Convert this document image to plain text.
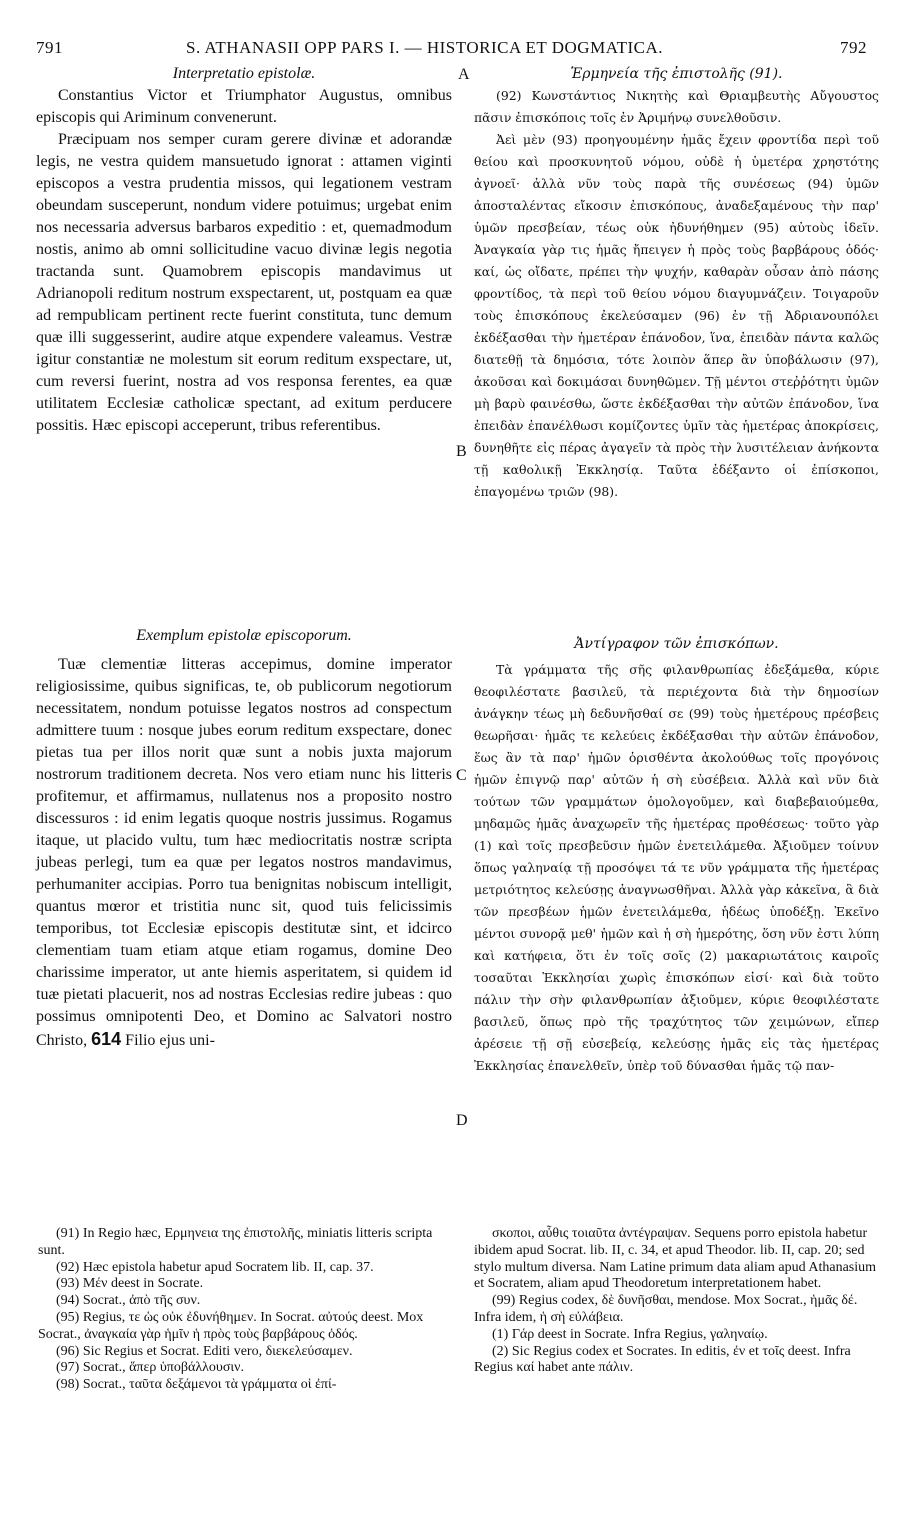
791	S. ATHANASII OPP PARS I. — HISTORICA ET DOGMATICA.	792
A
B
C
D

Interpretatio epistolæ.

Constantius Victor et Triumphator Augustus, omnibus episcopis qui Ariminum convenerunt.

Præcipuam nos semper curam gerere divinæ et adorandæ legis, ne vestra quidem mansuetudo ignorat : attamen viginti episcopos a vestra prudentia missos, qui legationem vestram obeundam susceperunt, nondum videre potuimus; urgebat enim nos necessaria adversus barbaros expeditio : et, quemadmodum nostis, animo ab omni sollicitudine vacuo divinæ legis negotia tractanda sunt. Quamobrem episcopis mandavimus ut Adrianopoli reditum nostrum exspectarent, ut, postquam ea quæ ad rempublicam pertinent recte fuerint constituta, tunc demum quæ illi suggesserint, audire atque expendere valeamus. Vestræ igitur constantiæ ne molestum sit eorum reditum exspectare, ut, cum reversi fuerint, nostra ad vos responsa ferentes, ea quæ utilitatem Ecclesiæ catholicæ spectant, ad exitum perducere possitis. Hæc episcopi acceperunt, tribus referentibus.

Exemplum epistolæ episcoporum.

Tuæ clementiæ litteras accepimus, domine imperator religiosissime, quibus significas, te, ob publicorum negotiorum necessitatem, nondum potuisse legatos nostros ad conspectum admittere tuum : nosque jubes eorum reditum exspectare, donec pietas tua per illos norit quæ sunt a nobis juxta majorum nostrorum traditionem decreta. Nos vero etiam nunc his litteris profitemur, et affirmamus, nullatenus nos a proposito nostro discessuros : id enim legatis quoque nostris jussimus. Rogamus itaque, ut placido vultu, tum hæc mediocritatis nostræ scripta jubeas perlegi, tum ea quæ per legatos nostros mandavimus, perhumaniter accipias. Porro tua benignitas nobiscum intelligit, quantus mœror et tristitia nunc sit, quod tuis felicissimis temporibus, tot Ecclesiæ episcopis destitutæ sint, et idcirco clementiam tuam etiam atque etiam rogamus, domine Deo charissime imperator, ut ante hiemis asperitatem, si quidem id tuæ pietati placuerit, nos ad nostras Ecclesias redire jubeas : quo possimus omnipotenti Deo, et Domino ac Salvatori nostro Christo, 614 Filio ejus uni-

Ἑρμηνεία τῆς ἐπιστολῆς (91).

(92) Κωνστάντιος Νικητὴς καὶ Θριαμβευτὴς Αὔγουστος πᾶσιν ἐπισκόποις τοῖς ἐν Ἀριμήνῳ συνελθοῦσιν.

Ἀεὶ μὲν (93) προηγουμένην ἡμᾶς ἔχειν φροντίδα περὶ τοῦ θείου καὶ προσκυνητοῦ νόμου, οὐδὲ ἡ ὑμετέρα χρηστότης ἀγνοεῖ· ἀλλὰ νῦν τοὺς παρὰ τῆς συνέσεως (94) ὑμῶν ἀποσταλέντας εἴκοσιν ἐπισκόπους, ἀναδεξαμένους τὴν παρ' ὑμῶν πρεσβείαν, τέως οὐκ ἠδυνήθημεν (95) αὐτοὺς ἰδεῖν. Ἀναγκαία γὰρ τις ἡμᾶς ἤπειγεν ἡ πρὸς τοὺς βαρβάρους ὁδός· καί, ὡς οἴδατε, πρέπει τὴν ψυχήν, καθαρὰν οὖσαν ἀπὸ πάσης φροντίδος, τὰ περὶ τοῦ θείου νόμου διαγυμνάζειν. Τοιγαροῦν τοὺς ἐπισκόπους ἐκελεύσαμεν (96) ἐν τῇ Ἀδριανουπόλει ἐκδέξασθαι τὴν ἡμετέραν ἐπάνοδον, ἵνα, ἐπειδὰν πάντα καλῶς διατεθῇ τὰ δημόσια, τότε λοιπὸν ἅπερ ἂν ὑποβάλωσιν (97), ἀκοῦσαι καὶ δοκιμάσαι δυνηθῶμεν. Τῇ μέντοι στεῤῥότητι ὑμῶν μὴ βαρὺ φαινέσθω, ὥστε ἐκδέξασθαι τὴν αὐτῶν ἐπάνοδον, ἵνα ἐπειδὰν ἐπανέλθωσι κομίζοντες ὑμῖν τὰς ἡμετέρας ἀποκρίσεις, δυνηθῆτε εἰς πέρας ἀγαγεῖν τὰ πρὸς τὴν λυσιτέλειαν ἀνήκοντα τῇ καθολικῇ Ἐκκλησίᾳ. Ταῦτα ἐδέξαντο οἱ ἐπίσκοποι, ἐπαγομένω τριῶν (98).

Ἀντίγραφον τῶν ἐπισκόπων.

Τὰ γράμματα τῆς σῆς φιλανθρωπίας ἐδεξάμεθα, κύριε θεοφιλέστατε βασιλεῦ, τὰ περιέχοντα διὰ τὴν δημοσίων ἀνάγκην τέως μὴ δεδυνῆσθαί σε (99) τοὺς ἡμετέρους πρέσβεις θεωρῆσαι· ἡμᾶς τε κελεύεις ἐκδέξασθαι τὴν αὐτῶν ἐπάνοδον, ἕως ἂν τὰ παρ' ἡμῶν ὁρισθέντα ἀκολούθως τοῖς προγόνοις ἡμῶν ἐπιγνῷ παρ' αὐτῶν ἡ σὴ εὐσέβεια. Ἀλλὰ καὶ νῦν διὰ τούτων τῶν γραμμάτων ὁμολογοῦμεν, καὶ διαβεβαιούμεθα, μηδαμῶς ἡμᾶς ἀναχωρεῖν τῆς ἡμετέρας προθέσεως· τοῦτο γὰρ (1) καὶ τοῖς πρεσβεῦσιν ἡμῶν ἐνετειλάμεθα. Ἀξιοῦμεν τοίνυν ὅπως γαληναίᾳ τῇ προσόψει τά τε νῦν γράμματα τῆς ἡμετέρας μετριότητος κελεύσῃς ἀναγνωσθῆναι. Ἀλλὰ γὰρ κἀκεῖνα, ἃ διὰ τῶν πρεσβέων ἡμῶν ἐνετειλάμεθα, ἡδέως ὑποδέξῃ. Ἐκεῖνο μέντοι συνορᾷ μεθ' ἡμῶν καὶ ἡ σὴ ἡμερότης, ὅση νῦν ἐστι λύπη καὶ κατήφεια, ὅτι ἐν τοῖς σοῖς (2) μακαριωτάτοις καιροῖς τοσαῦται Ἐκκλησίαι χωρὶς ἐπισκόπων εἰσί· καὶ διὰ τοῦτο πάλιν τὴν σὴν φιλανθρωπίαν ἀξιοῦμεν, κύριε θεοφιλέστατε βασιλεῦ, ὅπως πρὸ τῆς τραχύτητος τῶν χειμώνων, εἴπερ ἀρέσειε τῇ σῇ εὐσεβείᾳ, κελεύσῃς ἡμᾶς εἰς τὰς ἡμετέρας Ἐκκλησίας ἐπανελθεῖν, ὑπὲρ τοῦ δύνασθαι ἡμᾶς τῷ παν-

(91) In Regio hæc, Ερμηνεια της ἐπιστολῆς, miniatis litteris scripta sunt.

(92) Hæc epistola habetur apud Socratem lib. II, cap. 37.

(93) Μέν deest in Socrate.

(94) Socrat., ἀπὸ τῆς συν.

(95) Regius, τε ὡς οὐκ ἐδυνήθημεν. In Socrat. αὐτούς deest. Mox Socrat., ἀναγκαία γὰρ ἡμῖν ἡ πρὸς τοὺς βαρβάρους ὁδός.

(96) Sic Regius et Socrat. Editi vero, διεκελεύσαμεν.

(97) Socrat., ἅπερ ὑποβάλλουσιν.

(98) Socrat., ταῦτα δεξάμενοι τὰ γράμματα οἱ ἐπί-

σκοποι, αὖθις τοιαῦτα ἀντέγραψαν. Sequens porro epistola habetur ibidem apud Socrat. lib. II, c. 34, et apud Theodor. lib. II, cap. 20; sed stylo multum diversa. Nam Latine primum data aliam apud Athanasium et Socratem, aliam apud Theodoretum interpretationem habet.

(99) Regius codex, δὲ δυνῆσθαι, mendose. Mox Socrat., ἡμᾶς δέ. Infra idem, ἡ σὴ εὐλάβεια.

(1) Γάρ deest in Socrate. Infra Regius, γαληναίῳ.

(2) Sic Regius codex et Socrates. In editis, ἐν et τοῖς deest. Infra Regius καί habet ante πάλιν.
